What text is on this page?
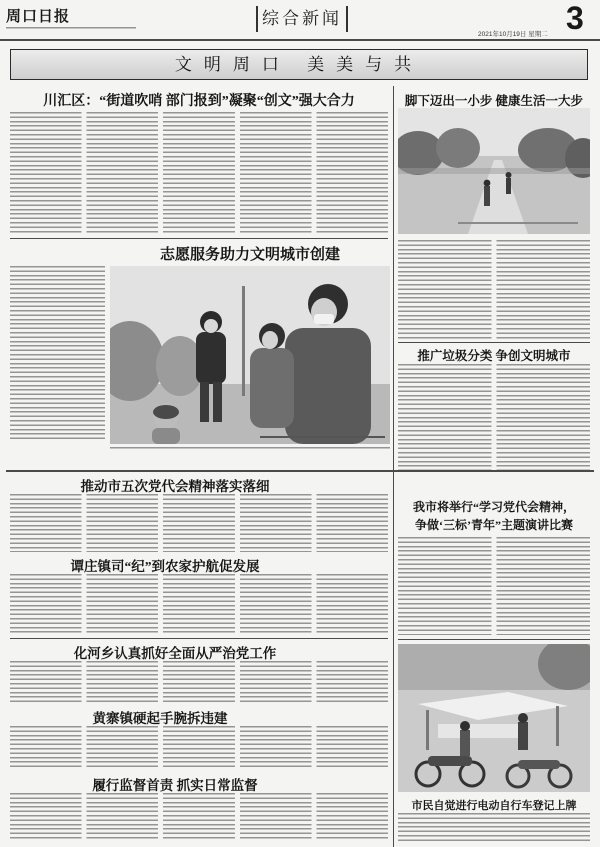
周口日报	综合新闻	3
2021年10月19日 星期二
文明周口 美美与共
川汇区：“街道吹哨 部门报到”凝聚“创文”强大合力	脚下迈出一小步 健康生活一大步
志愿服务助力文明城市创建
推广垃圾分类 争创文明城市
推动市五次党代会精神落实落细
谭庄镇司“纪”到农家护航促发展
化河乡认真抓好全面从严治党工作
黄寨镇硬起手腕拆违建
履行监督首责 抓实日常监督
我市将举行“学习党代会精神，
争做‘三标’青年”主题演讲比赛
市民自觉进行电动自行车登记上牌
